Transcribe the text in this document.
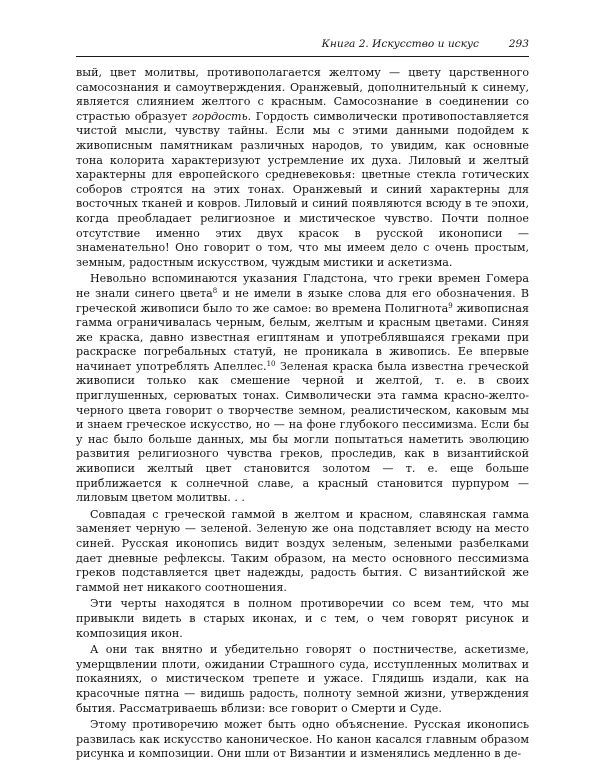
Книга 2. Искусство и искус	293

вый, цвет молитвы, противополагается желтому — цвету царственного самосознания и самоутверждения. Оранжевый, дополнительный к синему, является слиянием желтого с красным. Самосознание в соединении со страстью образует гордость. Гордость символически противопоставляется чистой мысли, чувству тайны. Если мы с этими данными подойдем к живописным памятникам различных народов, то увидим, как основные тона колорита характеризуют устремление их духа. Лиловый и желтый характерны для европейского средневековья: цветные стекла готических соборов строятся на этих тонах. Оранжевый и синий характерны для восточных тканей и ковров. Лиловый и синий появляются всюду в те эпохи, когда преобладает религиозное и мистическое чувство. Почти полное отсутствие именно этих двух красок в русской иконописи — знаменательно! Оно говорит о том, что мы имеем дело с очень простым, земным, радостным искусством, чуждым мистики и аскетизма.

Невольно вспоминаются указания Гладстона, что греки времен Гомера не знали синего цвета$^8$ и не имели в языке слова для его обозначения. В греческой живописи было то же самое: во времена Полигнота$^9$ живописная гамма ограничивалась черным, белым, желтым и красным цветами. Синяя же краска, давно известная египтянам и употреблявшаяся греками при раскраске погребальных статуй, не проникала в живопись. Ее впервые начинает употреблять Апеллес.$^{10}$ Зеленая краска была известна греческой живописи только как смешение черной и желтой, т. е. в своих приглушенных, серюватых тонах. Символически эта гамма красно-желто-черного цвета говорит о творчестве земном, реалистическом, каковым мы и знаем греческое искусство, но — на фоне глубокого пессимизма. Если бы у нас было больше данных, мы бы могли попытаться наметить эволюцию развития религиозного чувства греков, проследив, как в византийской живописи желтый цвет становится золотом — т. е. еще больше приближается к солнечной славе, а красный становится пурпуром — лиловым цветом молитвы. . .

Совпадая с греческой гаммой в желтом и красном, славянская гамма заменяет черную — зеленой. Зеленую же она подставляет всюду на место синей. Русская иконопись видит воздух зеленым, зелеными разбелками дает дневные рефлексы. Таким образом, на место основного пессимизма греков подставляется цвет надежды, радость бытия. С византийской же гаммой нет никакого соотношения.

Эти черты находятся в полном противоречии со всем тем, что мы привыкли видеть в старых иконах, и с тем, о чем говорят рисунок и композиция икон.

А они так внятно и убедительно говорят о постничестве, аскетизме, умерщвлении плоти, ожидании Страшного суда, исступленных молитвах и покаяниях, о мистическом трепете и ужасе. Глядишь издали, как на красочные пятна — видишь радость, полноту земной жизни, утверждения бытия. Рассматриваешь вблизи: все говорит о Смерти и Суде.

Этому противоречию может быть одно объяснение. Русская иконопись развилась как искусство каноническое. Но канон касался главным образом рисунка и композиции. Они шли от Византии и изменялись медленно в де-
